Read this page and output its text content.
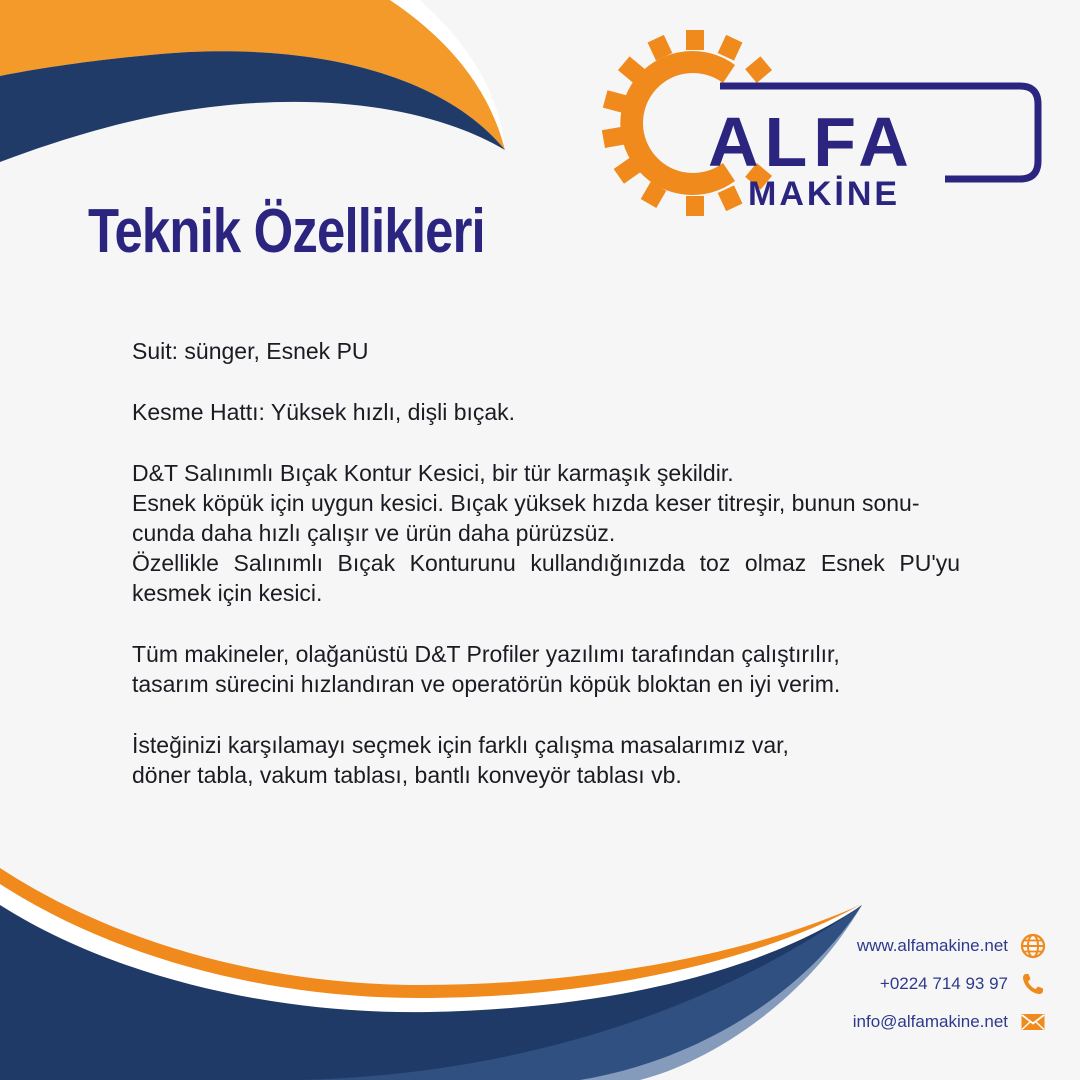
ALFA
MAKİNE
Teknik Özellikleri

Suit: sünger, Esnek PU

Kesme Hattı: Yüksek hızlı, dişli bıçak.

D&T Salınımlı Bıçak Kontur Kesici, bir tür karmaşık şekildir.
Esnek köpük için uygun kesici. Bıçak yüksek hızda keser titreşir, bunun sonu-
cunda daha hızlı çalışır ve ürün daha pürüzsüz.
Özellikle Salınımlı Bıçak Konturunu kullandığınızda toz olmaz Esnek PU'yu
kesmek için kesici.

Tüm makineler, olağanüstü D&T Profiler yazılımı tarafından çalıştırılır,
tasarım sürecini hızlandıran ve operatörün köpük bloktan en iyi verim.

İsteğinizi karşılamayı seçmek için farklı çalışma masalarımız var,
döner tabla, vakum tablası, bantlı konveyör tablası vb.

www.alfamakine.net
+0224 714 93 97
info@alfamakine.net
